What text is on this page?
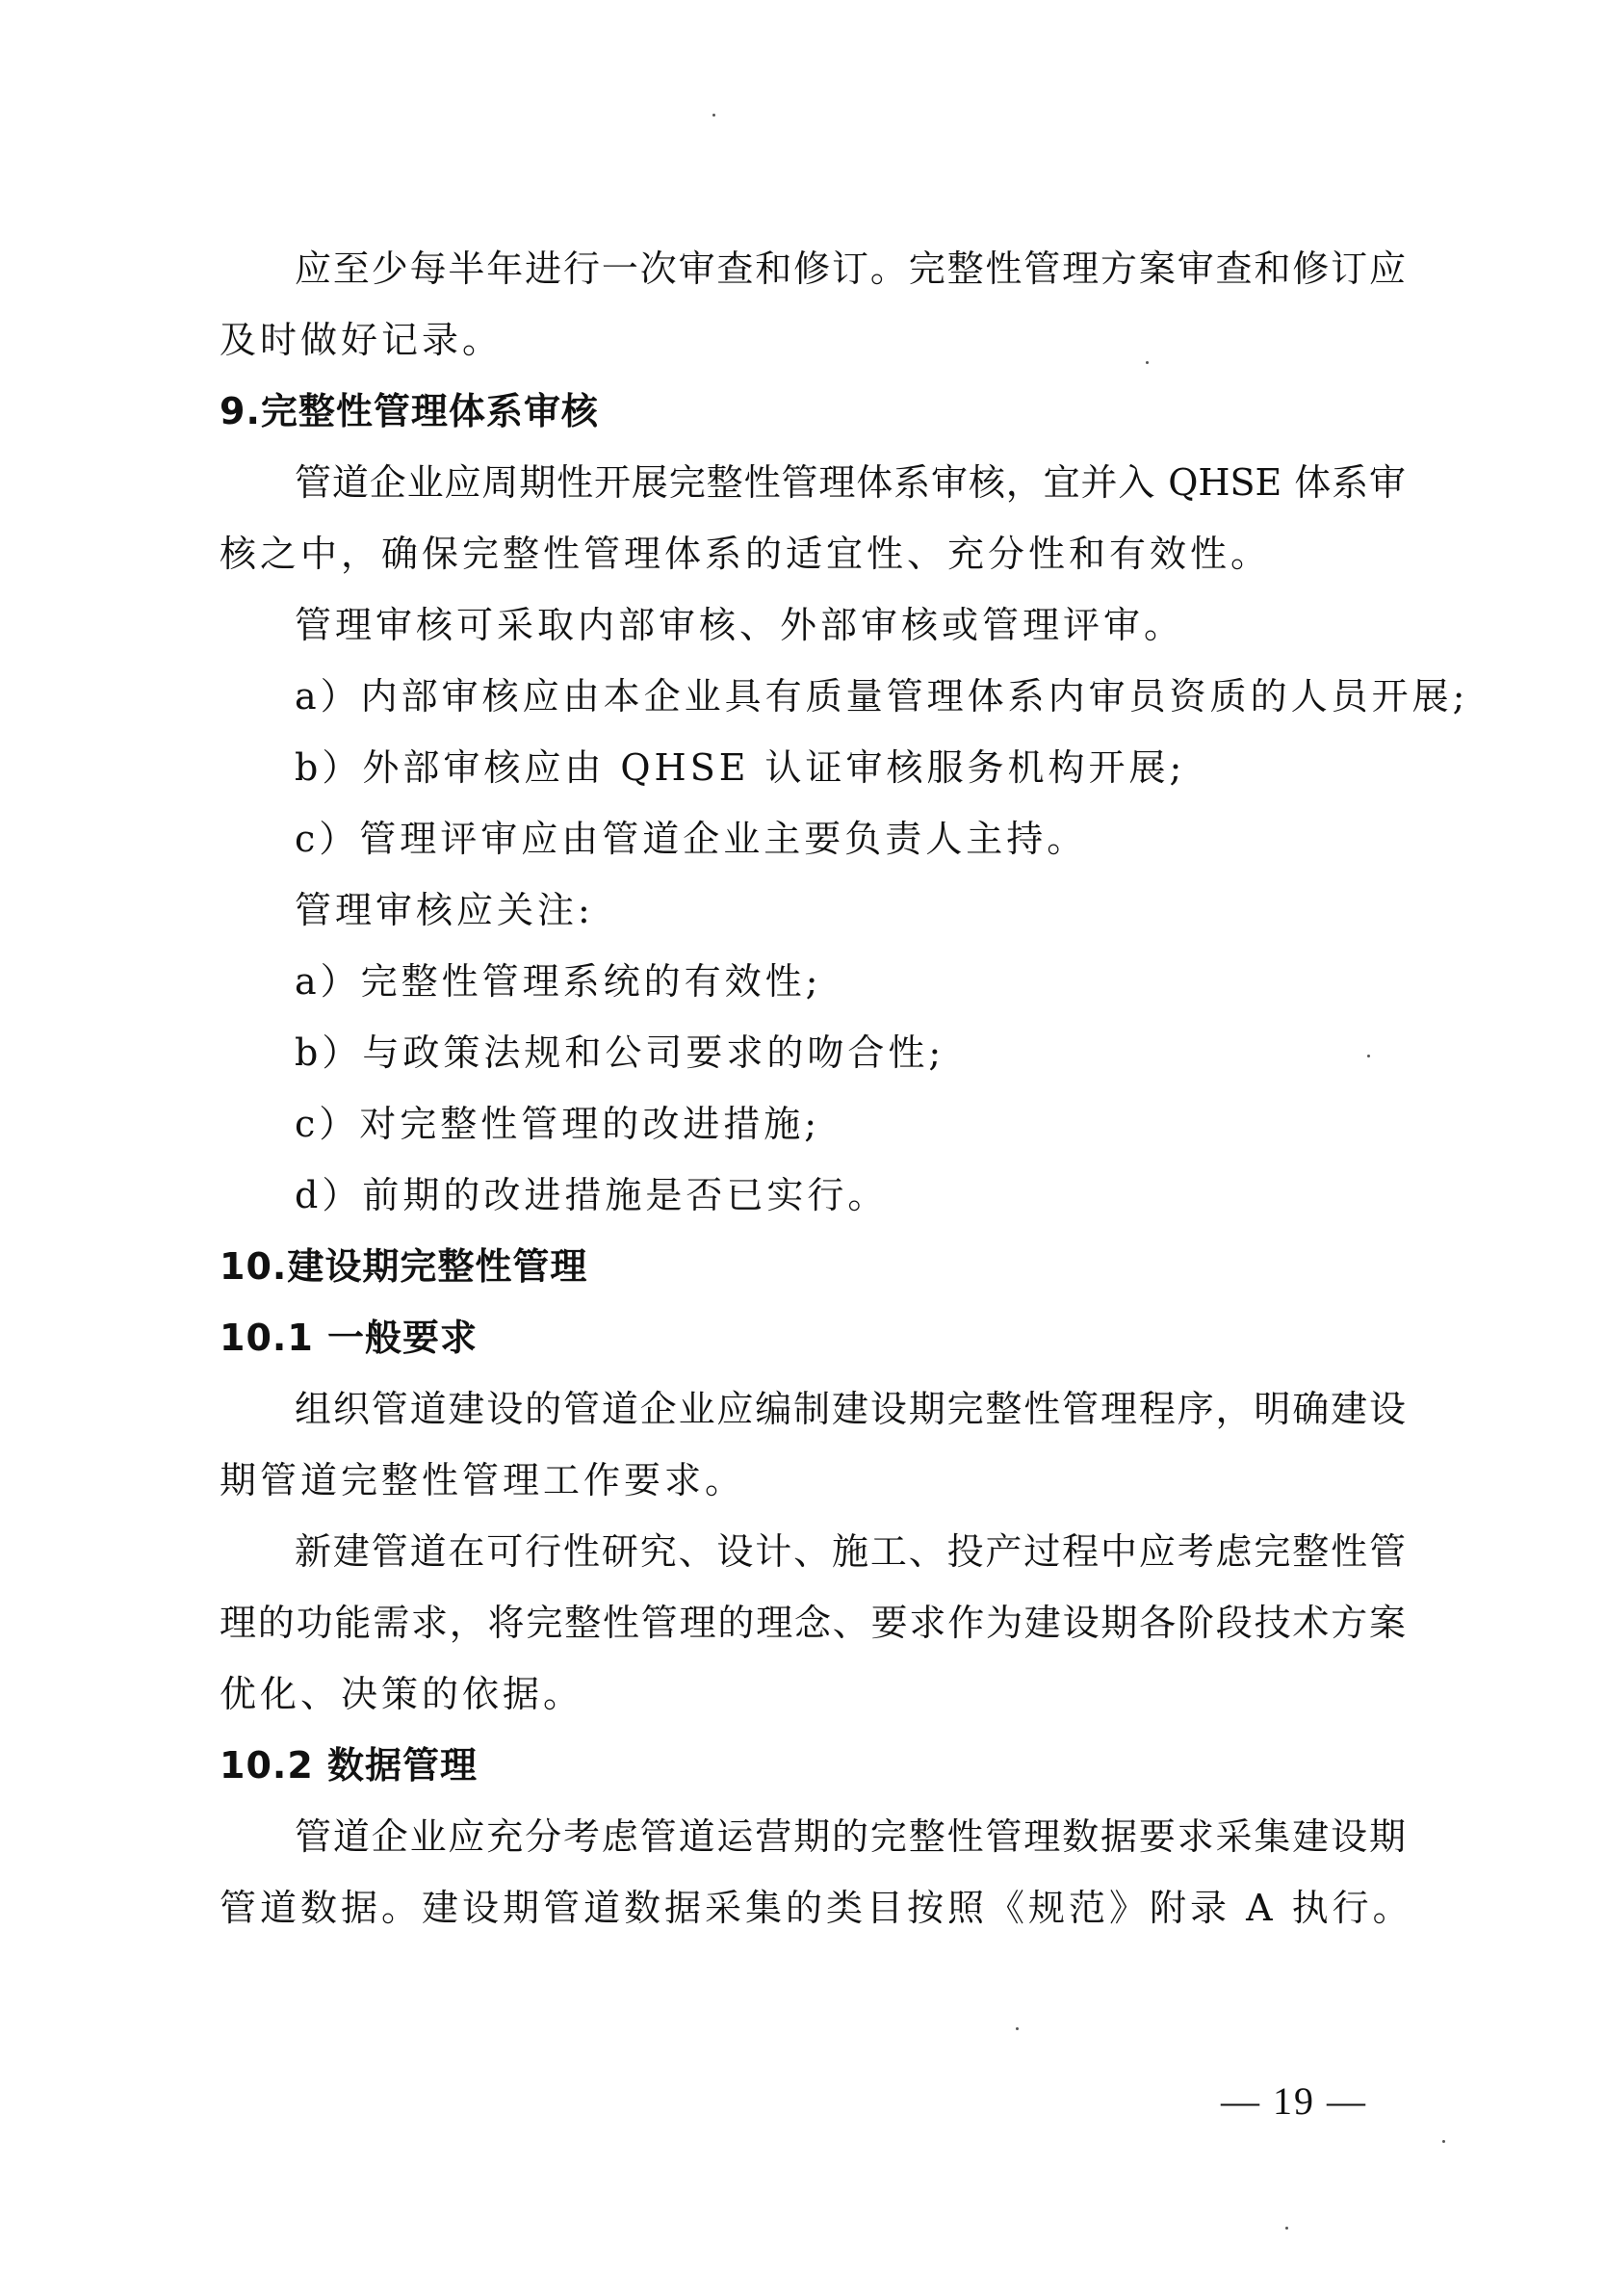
应至少每半年进行一次审查和修订。完整性管理方案审查和修订应
及时做好记录。
9.完整性管理体系审核
管道企业应周期性开展完整性管理体系审核，宜并入 QHSE 体系审
核之中，确保完整性管理体系的适宜性、充分性和有效性。
管理审核可采取内部审核、外部审核或管理评审。
a）内部审核应由本企业具有质量管理体系内审员资质的人员开展;
b）外部审核应由 QHSE 认证审核服务机构开展;
c）管理评审应由管道企业主要负责人主持。
管理审核应关注:
a）完整性管理系统的有效性;
b）与政策法规和公司要求的吻合性;
c）对完整性管理的改进措施;
d）前期的改进措施是否已实行。
10.建设期完整性管理
10.1 一般要求
组织管道建设的管道企业应编制建设期完整性管理程序，明确建设
期管道完整性管理工作要求。
新建管道在可行性研究、设计、施工、投产过程中应考虑完整性管
理的功能需求，将完整性管理的理念、要求作为建设期各阶段技术方案
优化、决策的依据。
10.2 数据管理
管道企业应充分考虑管道运营期的完整性管理数据要求采集建设期
管道数据。建设期管道数据采集的类目按照《规范》附录 A 执行。
— 19 —
